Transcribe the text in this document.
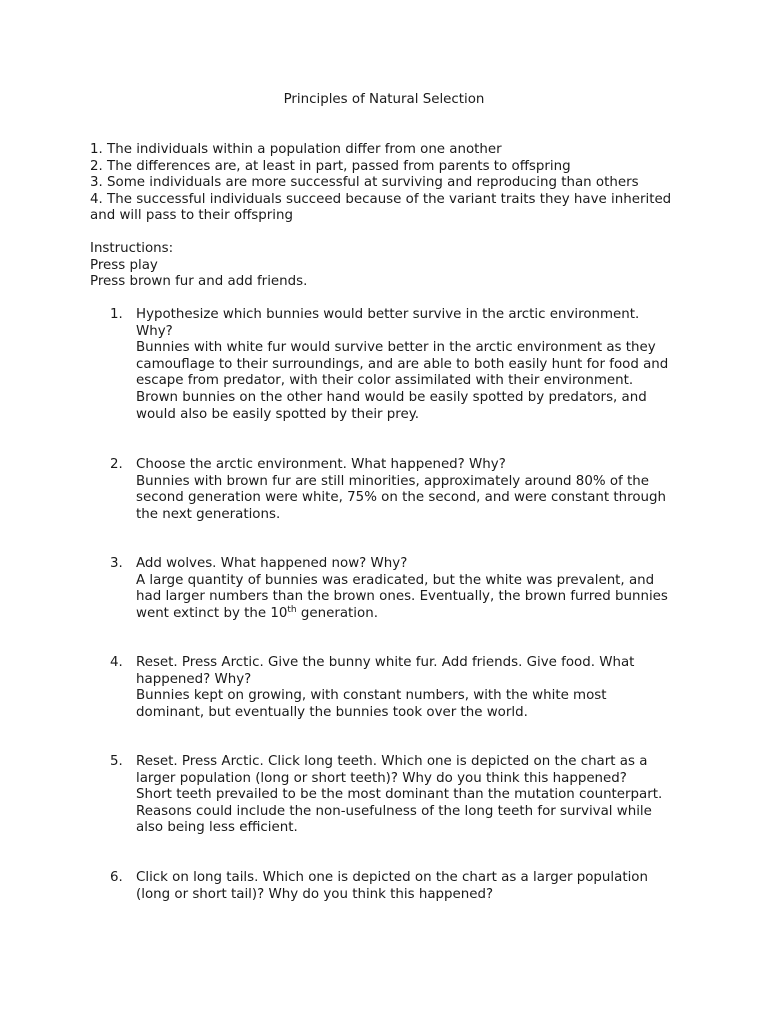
Principles of Natural Selection

1. The individuals within a population differ from one another

2. The differences are, at least in part, passed from parents to offspring

3. Some individuals are more successful at surviving and reproducing than others

4. The successful individuals succeed because of the variant traits they have inherited and will pass to their offspring

Instructions:

Press play

Press brown fur and add friends.

1. Hypothesize which bunnies would better survive in the arctic environment. Why?

Bunnies with white fur would survive better in the arctic environment as they camouflage to their surroundings, and are able to both easily hunt for food and escape from predator, with their color assimilated with their environment. Brown bunnies on the other hand would be easily spotted by predators, and would also be easily spotted by their prey.

2. Choose the arctic environment. What happened? Why?

Bunnies with brown fur are still minorities, approximately around 80% of the second generation were white, 75% on the second, and were constant through the next generations.

3. Add wolves. What happened now? Why?

A large quantity of bunnies was eradicated, but the white was prevalent, and had larger numbers than the brown ones. Eventually, the brown furred bunnies went extinct by the 10th generation.

4. Reset. Press Arctic. Give the bunny white fur. Add friends. Give food. What happened? Why?

Bunnies kept on growing, with constant numbers, with the white most dominant, but eventually the bunnies took over the world.

5. Reset. Press Arctic. Click long teeth. Which one is depicted on the chart as a larger population (long or short teeth)? Why do you think this happened?

Short teeth prevailed to be the most dominant than the mutation counterpart. Reasons could include the non-usefulness of the long teeth for survival while also being less efficient.

6. Click on long tails. Which one is depicted on the chart as a larger population (long or short tail)? Why do you think this happened?
